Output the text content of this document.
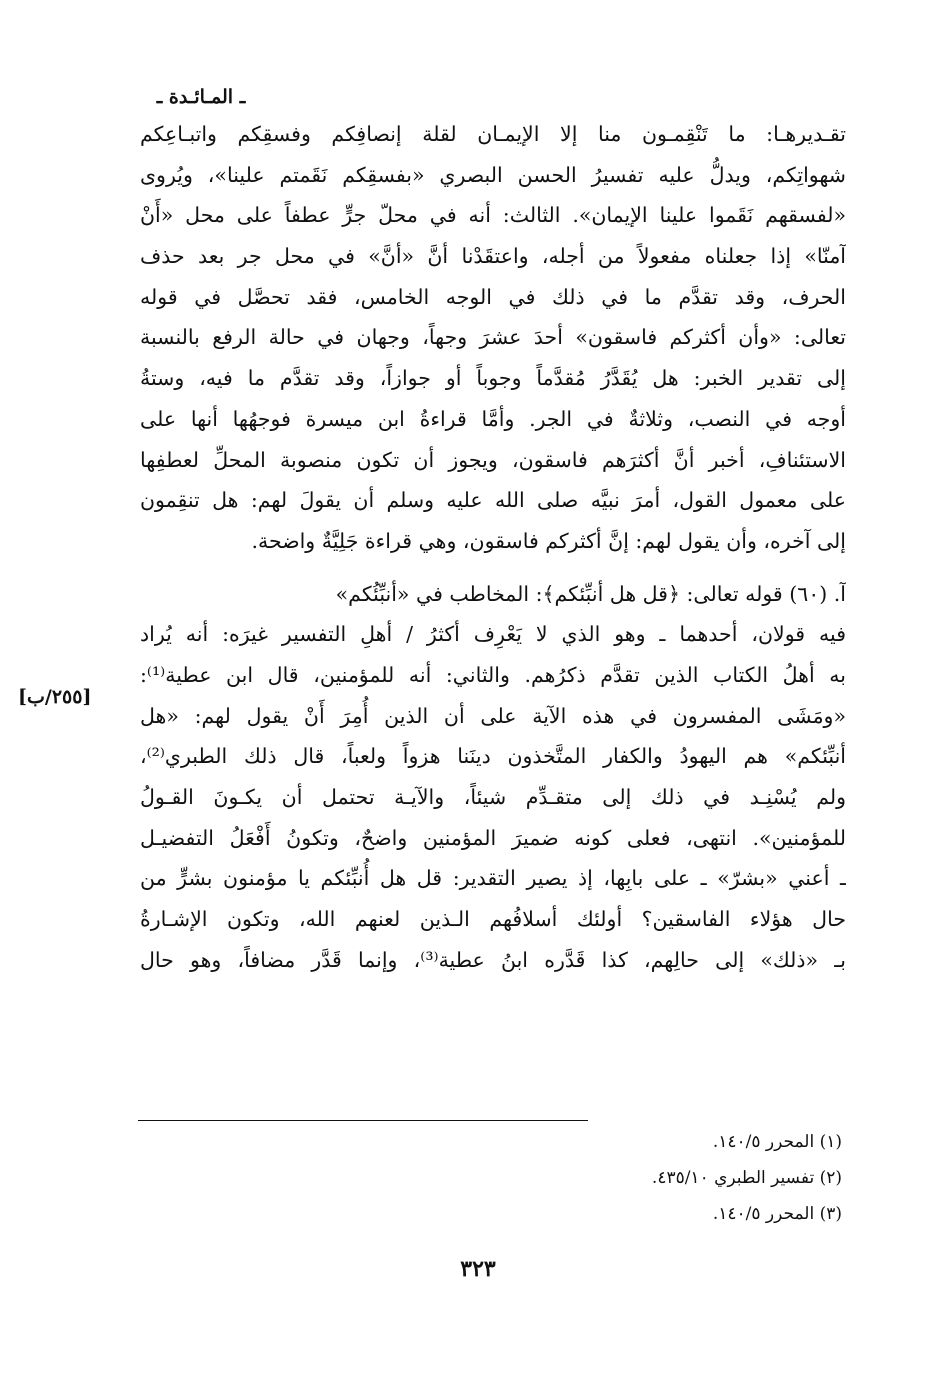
ـ المـائـدة ـ
تقـديرهـا: ما تَنْقِمـون منا إلا الإيمـان لقلة إنصافِكم وفسقِكم واتبـاعِكم
شهواتِكم، ويدلُّ عليه تفسيرُ الحسن البصري «بفسقِكم نَقَمتم علينا»، ويُروى
«لفسقهم نَقَموا علينا الإيمان». الثالث: أنه في محلّ جرٍّ عطفاً على محل «أَنْ
آمنّا» إذا جعلناه مفعولاً من أجله، واعتقَدْنا أنَّ «أنَّ» في محل جر بعد حذف
الحرف، وقد تقدَّم ما في ذلك في الوجه الخامس، فقد تحصَّل في قوله
تعالى: «وأن أكثركم فاسقون» أحدَ عشرَ وجهاً، وجهان في حالة الرفع بالنسبة
إلى تقدير الخبر: هل يُقَدَّرُ مُقدَّماً وجوباً أو جوازاً، وقد تقدَّم ما فيه، وستةُ
أوجه في النصب، وثلاثةٌ في الجر. وأمَّا قراءةُ ابن ميسرة فوجهُها أنها على
الاستئنافِ، أخبر أنَّ أكثرَهم فاسقون، ويجوز أن تكون منصوبة المحلِّ لعطفِها
على معمول القول، أمرَ نبيَّه صلى الله عليه وسلم أن يقولَ لهم: هل تنقِمون
إلى آخره، وأن يقول لهم: إنَّ أكثركم فاسقون، وهي قراءة جَلِيَّةٌ واضحة.
آ. (٦٠) قوله تعالى: ﴿قل هل أنبِّئكم﴾: المخاطب في «أنبِّئُكم»
فيه قولان، أحدهما ـ وهو الذي لا يَعْرِف أكثرُ / أهلِ التفسير غيرَه: أنه يُراد
به أهلُ الكتاب الذين تقدَّم ذكرُهم. والثاني: أنه للمؤمنين، قال ابن عطية⁽¹⁾:
«ومَشَى المفسرون في هذه الآية على أن الذين أُمِرَ أَنْ يقول لهم: «هل
أنبِّئكم» هم اليهودُ والكفار المتَّخذون دينَنا هزواً ولعباً، قال ذلك الطبري⁽²⁾،
ولم يُسْنِـد في ذلك إلى متقـدِّم شيئاً، والآيـة تحتمل أن يكـونَ القـولُ
للمؤمنين». انتهى، فعلى كونه ضميرَ المؤمنين واضحٌ، وتكونُ أَفْعَلُ التفضيـل
ـ أعني «بشرّ» ـ على بابِها، إذ يصير التقدير: قل هل أُنبِّئكم يا مؤمنون بشرٍّ من
حال هؤلاء الفاسقين؟ أولئك أسلافُهم الـذين لعنهم الله، وتكون الإشـارةُ
بـ «ذلك» إلى حالِهم، كذا قَدَّره ابنُ عطية⁽³⁾، وإنما قَدَّر مضافاً، وهو حال
[٢٥٥/ب]
(١) المحرر ١٤٠/٥.
(٢) تفسير الطبري ٤٣٥/١٠.
(٣) المحرر ١٤٠/٥.
٣٢٣
